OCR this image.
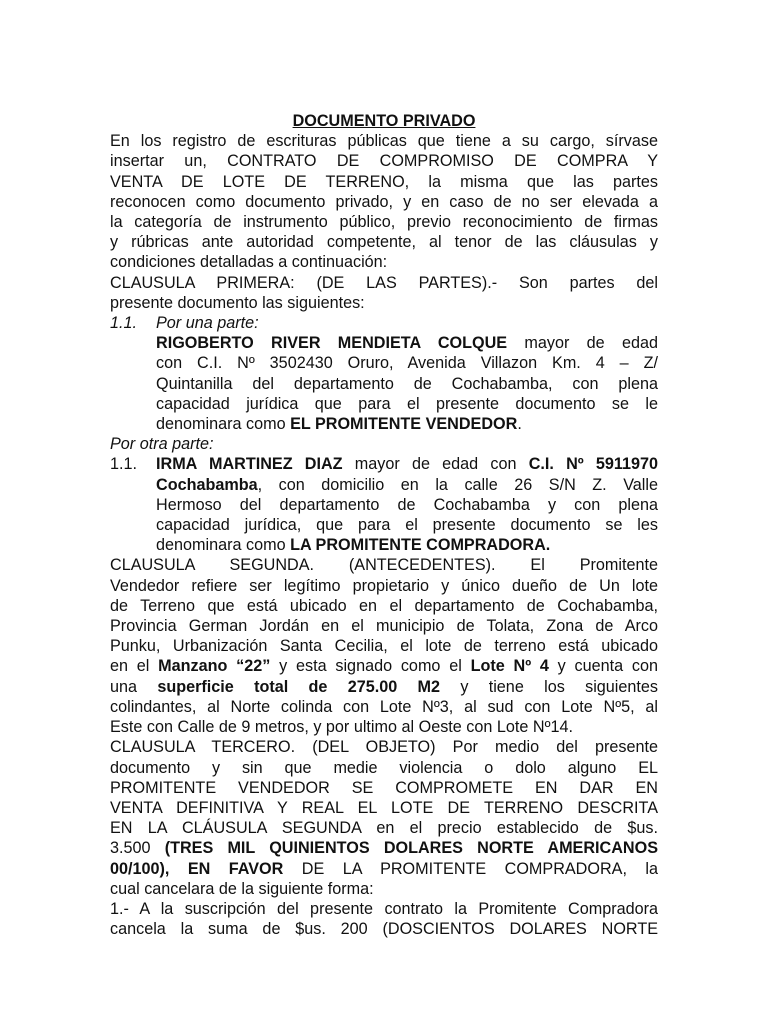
DOCUMENTO PRIVADO
En los registro de escrituras públicas que tiene a su cargo, sírvase
insertar un, CONTRATO DE COMPROMISO DE COMPRA Y
VENTA DE LOTE DE TERRENO, la misma que las partes
reconocen como documento privado, y en caso de no ser elevada a
la categoría de instrumento público, previo reconocimiento de firmas
y rúbricas ante autoridad competente, al tenor de las cláusulas y
condiciones detalladas a continuación:
CLAUSULA PRIMERA: (DE LAS PARTES).- Son partes del
presente documento las siguientes:
1.1.	Por una parte:
RIGOBERTO RIVER MENDIETA COLQUE mayor de edad
con C.I. Nº 3502430 Oruro, Avenida Villazon Km. 4 – Z/
Quintanilla del departamento de Cochabamba, con plena
capacidad jurídica que para el presente documento se le
denominara como EL PROMITENTE VENDEDOR.
Por otra parte:
1.1.	IRMA MARTINEZ DIAZ mayor de edad con C.I. Nº 5911970
Cochabamba, con domicilio en la calle 26 S/N Z. Valle
Hermoso del departamento de Cochabamba y con plena
capacidad jurídica, que para el presente documento se les
denominara como LA PROMITENTE COMPRADORA.
CLAUSULA SEGUNDA. (ANTECEDENTES). El Promitente
Vendedor refiere ser legítimo propietario y único dueño de Un lote
de Terreno que está ubicado en el departamento de Cochabamba,
Provincia German Jordán en el municipio de Tolata, Zona de Arco
Punku, Urbanización Santa Cecilia, el lote de terreno está ubicado
en el Manzano “22” y esta signado como el Lote Nº 4 y cuenta con
una superficie total de 275.00 M2 y tiene los siguientes
colindantes, al Norte colinda con Lote Nº3, al sud con Lote Nº5, al
Este con Calle de 9 metros, y por ultimo al Oeste con Lote Nº14.
CLAUSULA TERCERO. (DEL OBJETO) Por medio del presente
documento y sin que medie violencia o dolo alguno EL
PROMITENTE VENDEDOR SE COMPROMETE EN DAR EN
VENTA DEFINITIVA Y REAL EL LOTE DE TERRENO DESCRITA
EN LA CLÁUSULA SEGUNDA en el precio establecido de $us.
3.500 (TRES MIL QUINIENTOS DOLARES NORTE AMERICANOS
00/100), EN FAVOR DE LA PROMITENTE COMPRADORA, la
cual cancelara de la siguiente forma:
1.- A la suscripción del presente contrato la Promitente Compradora
cancela la suma de $us. 200 (DOSCIENTOS DOLARES NORTE
